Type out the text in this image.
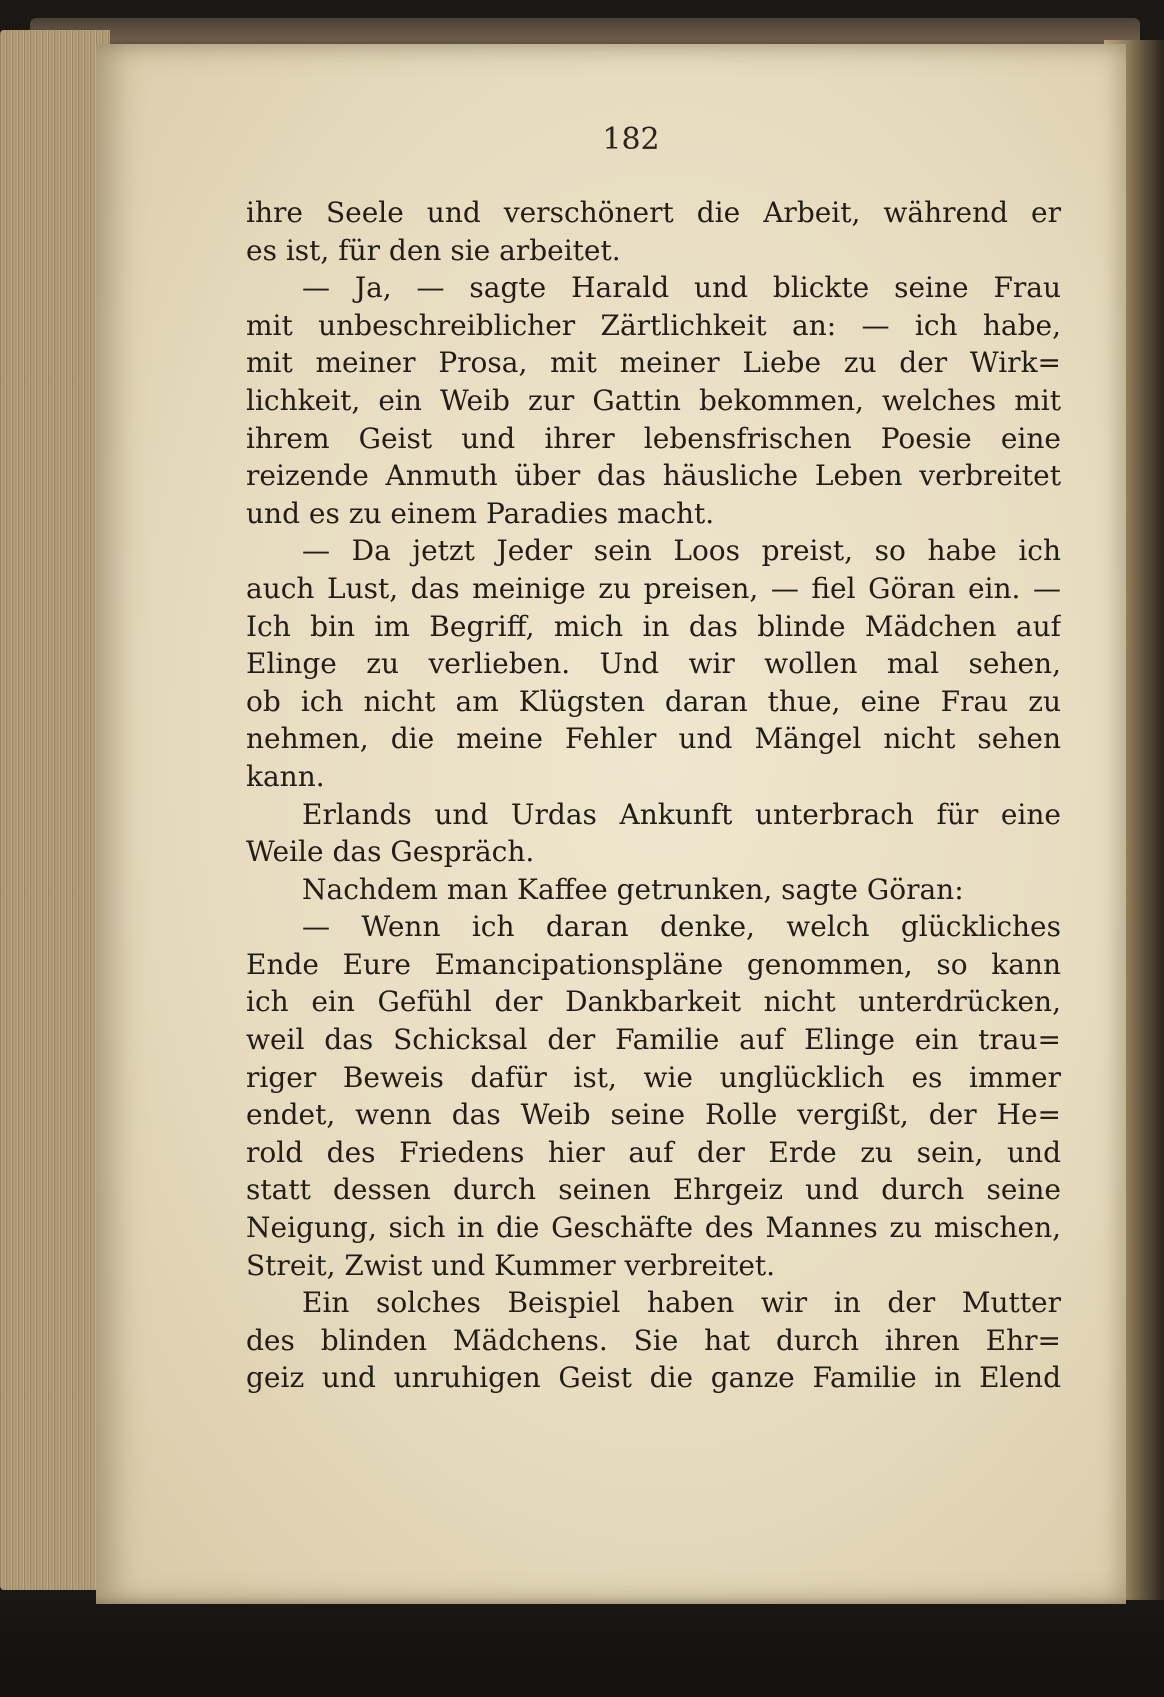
182
ihre Seele und verschönert die Arbeit, während er
es ist, für den sie arbeitet.
— Ja, — sagte Harald und blickte seine Frau
mit unbeschreiblicher Zärtlichkeit an: — ich habe,
mit meiner Prosa, mit meiner Liebe zu der Wirk=
lichkeit, ein Weib zur Gattin bekommen, welches mit
ihrem Geist und ihrer lebensfrischen Poesie eine
reizende Anmuth über das häusliche Leben verbreitet
und es zu einem Paradies macht.
— Da jetzt Jeder sein Loos preist, so habe ich
auch Lust, das meinige zu preisen, — fiel Göran ein. —
Ich bin im Begriff, mich in das blinde Mädchen auf
Elinge zu verlieben. Und wir wollen mal sehen,
ob ich nicht am Klügsten daran thue, eine Frau zu
nehmen, die meine Fehler und Mängel nicht sehen
kann.
Erlands und Urdas Ankunft unterbrach für eine
Weile das Gespräch.
Nachdem man Kaffee getrunken, sagte Göran:
— Wenn ich daran denke, welch glückliches
Ende Eure Emancipationspläne genommen, so kann
ich ein Gefühl der Dankbarkeit nicht unterdrücken,
weil das Schicksal der Familie auf Elinge ein trau=
riger Beweis dafür ist, wie unglücklich es immer
endet, wenn das Weib seine Rolle vergißt, der He=
rold des Friedens hier auf der Erde zu sein, und
statt dessen durch seinen Ehrgeiz und durch seine
Neigung, sich in die Geschäfte des Mannes zu mischen,
Streit, Zwist und Kummer verbreitet.
Ein solches Beispiel haben wir in der Mutter
des blinden Mädchens. Sie hat durch ihren Ehr=
geiz und unruhigen Geist die ganze Familie in Elend
